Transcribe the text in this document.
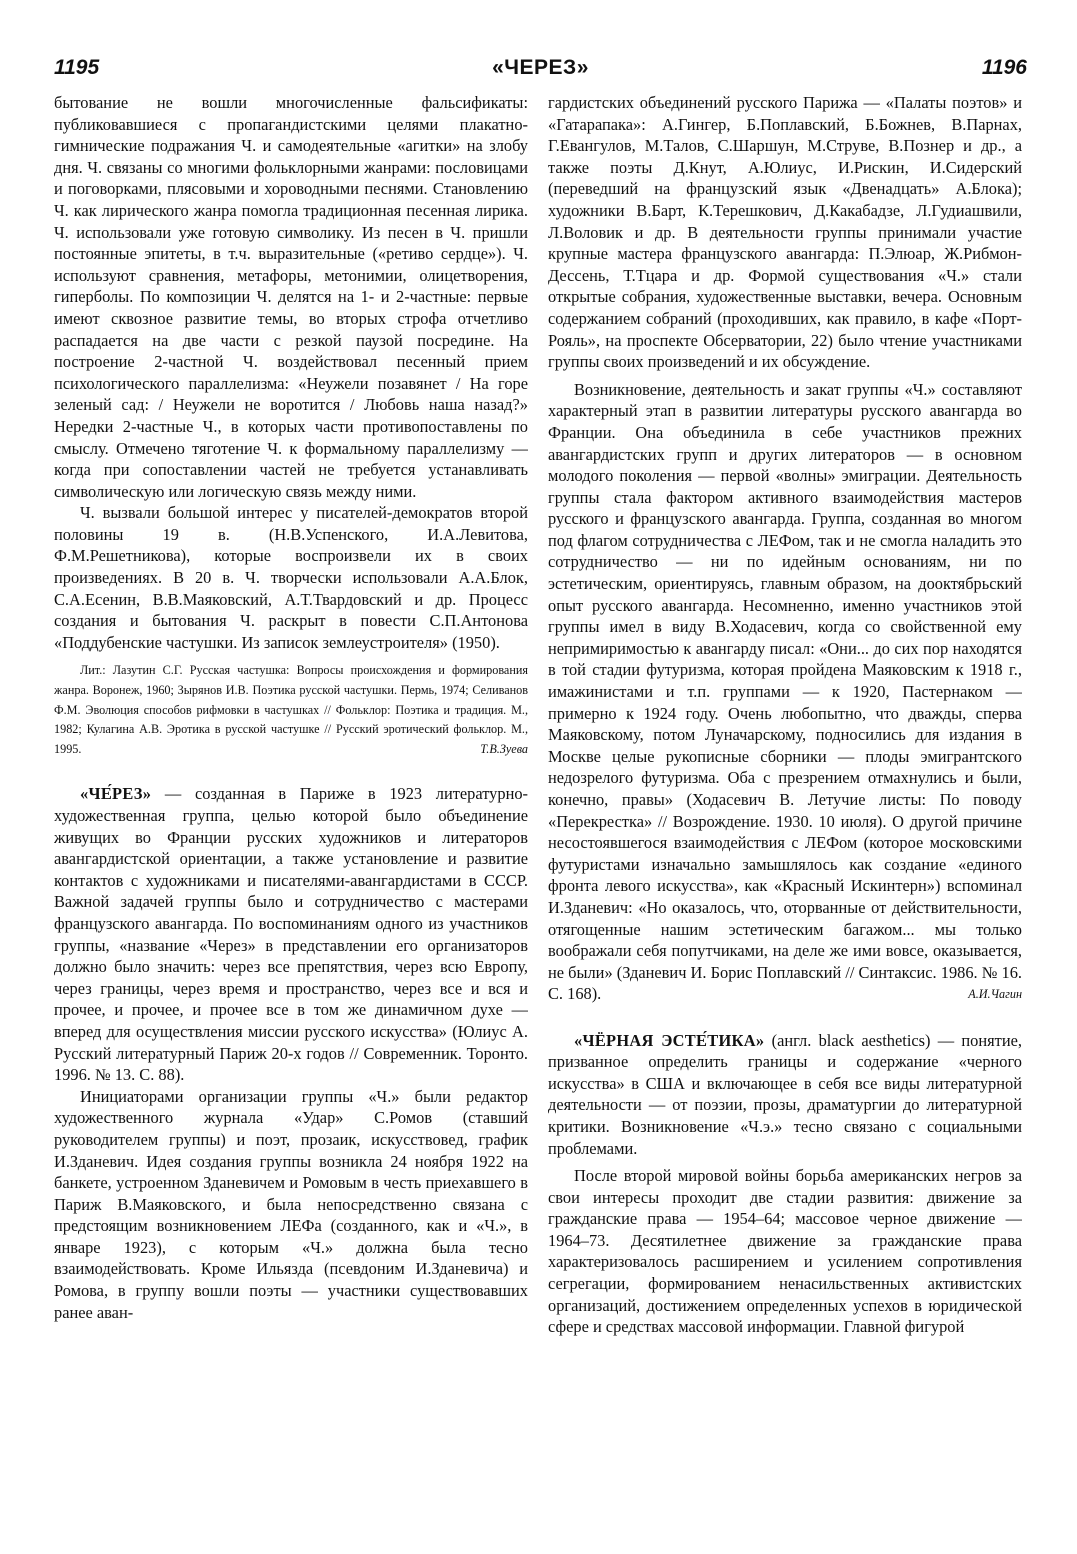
1195	«ЧЕРЕЗ»	1196

бытование не вошли многочисленные фальсификаты: публиковавшиеся с пропагандистскими целями плакатно-гимнические подражания Ч. и самодеятельные «агитки» на злобу дня. Ч. связаны со многими фольклорными жанрами: пословицами и поговорками, плясовыми и хороводными песнями. Становлению Ч. как лирического жанра помогла традиционная песенная лирика. Ч. использовали уже готовую символику. Из песен в Ч. пришли постоянные эпитеты, в т.ч. выразительные («ретиво сердце»). Ч. используют сравнения, метафоры, метонимии, олицетворения, гиперболы. По композиции Ч. делятся на 1- и 2-частные: первые имеют сквозное развитие темы, во вторых строфа отчетливо распадается на две части с резкой паузой посредине. На построение 2-частной Ч. воздействовал песенный прием психологического параллелизма: «Неужели позавянет / На горе зеленый сад: / Неужели не воротится / Любовь наша назад?» Нередки 2-частные Ч., в которых части противопоставлены по смыслу. Отмечено тяготение Ч. к формальному параллелизму — когда при сопоставлении частей не требуется устанавливать символическую или логическую связь между ними.

Ч. вызвали большой интерес у писателей-демократов второй половины 19 в. (Н.В.Успенского, И.А.Левитова, Ф.М.Решетникова), которые воспроизвели их в своих произведениях. В 20 в. Ч. творчески использовали А.А.Блок, С.А.Есенин, В.В.Маяковский, А.Т.Твардовский и др. Процесс создания и бытования Ч. раскрыт в повести С.П.Антонова «Поддубенские частушки. Из записок землеустроителя» (1950).

Лит.: Лазутин С.Г. Русская частушка: Вопросы происхождения и формирования жанра. Воронеж, 1960; Зырянов И.В. Поэтика русской частушки. Пермь, 1974; Селиванов Ф.М. Эволюция способов рифмовки в частушках // Фольклор: Поэтика и традиция. М., 1982; Кулагина А.В. Эротика в русской частушке // Русский эротический фольклор. М., 1995.	Т.В.Зуева

«ЧЕ́РЕЗ» — созданная в Париже в 1923 литературно-художественная группа, целью которой было объединение живущих во Франции русских художников и литераторов авангардистской ориентации, а также установление и развитие контактов с художниками и писателями-авангардистами в СССР. Важной задачей группы было и сотрудничество с мастерами французского авангарда. По воспоминаниям одного из участников группы, «название «Через» в представлении его организаторов должно было значить: через все препятствия, через всю Европу, через границы, через время и пространство, через все и вся и прочее, и прочее, и прочее все в том же динамичном духе — вперед для осуществления миссии русского искусства» (Юлиус А. Русский литературный Париж 20-х годов // Современник. Торонто. 1996. № 13. С. 88).

Инициаторами организации группы «Ч.» были редактор художественного журнала «Удар» С.Ромов (ставший руководителем группы) и поэт, прозаик, искусствовед, график И.Зданевич. Идея создания группы возникла 24 ноября 1922 на банкете, устроенном Зданевичем и Ромовым в честь приехавшего в Париж В.Маяковского, и была непосредственно связана с предстоящим возникновением ЛЕФа (созданного, как и «Ч.», в январе 1923), с которым «Ч.» должна была тесно взаимодействовать. Кроме Ильязда (псевдоним И.Зданевича) и Ромова, в группу вошли поэты — участники существовавших ранее аван-

гардистских объединений русского Парижа — «Палаты поэтов» и «Гатарапака»: А.Гингер, Б.Поплавский, Б.Божнев, В.Парнах, Г.Евангулов, М.Талов, С.Шаршун, М.Струве, В.Познер и др., а также поэты Д.Кнут, А.Юлиус, И.Рискин, И.Сидерский (переведший на французский язык «Двенадцать» А.Блока); художники В.Барт, К.Терешкович, Д.Какабадзе, Л.Гудиашвили, Л.Воловик и др. В деятельности группы принимали участие крупные мастера французского авангарда: П.Элюар, Ж.Рибмон-Дессень, Т.Тцара и др. Формой существования «Ч.» стали открытые собрания, художественные выставки, вечера. Основным содержанием собраний (проходивших, как правило, в кафе «Порт-Рояль», на проспекте Обсерватории, 22) было чтение участниками группы своих произведений и их обсуждение.

Возникновение, деятельность и закат группы «Ч.» составляют характерный этап в развитии литературы русского авангарда во Франции. Она объединила в себе участников прежних авангардистских групп и других литераторов — в основном молодого поколения — первой «волны» эмиграции. Деятельность группы стала фактором активного взаимодействия мастеров русского и французского авангарда. Группа, созданная во многом под флагом сотрудничества с ЛЕФом, так и не смогла наладить это сотрудничество — ни по идейным основаниям, ни по эстетическим, ориентируясь, главным образом, на дооктябрьский опыт русского авангарда. Несомненно, именно участников этой группы имел в виду В.Ходасевич, когда со свойственной ему непримиримостью к авангарду писал: «Они... до сих пор находятся в той стадии футуризма, которая пройдена Маяковским к 1918 г., имажинистами и т.п. группами — к 1920, Пастернаком — примерно к 1924 году. Очень любопытно, что дважды, сперва Маяковскому, потом Луначарскому, подносились для издания в Москве целые рукописные сборники — плоды эмигрантского недозрелого футуризма. Оба с презрением отмахнулись и были, конечно, правы» (Ходасевич В. Летучие листы: По поводу «Перекрестка» // Возрождение. 1930. 10 июля). О другой причине несостоявшегося взаимодействия с ЛЕФом (которое московскими футуристами изначально замышлялось как создание «единого фронта левого искусства», как «Красный Искинтерн») вспоминал И.Зданевич: «Но оказалось, что, оторванные от действительности, отягощенные нашим эстетическим багажом... мы только воображали себя попутчиками, на деле же ими вовсе, оказывается, не были» (Зданевич И. Борис Поплавский // Синтаксис. 1986. № 16. С. 168).	А.И.Чагин

«ЧЁРНАЯ ЭСТЕ́ТИКА» (англ. black aesthetics) — понятие, призванное определить границы и содержание «черного искусства» в США и включающее в себя все виды литературной деятельности — от поэзии, прозы, драматургии до литературной критики. Возникновение «Ч.э.» тесно связано с социальными проблемами.

После второй мировой войны борьба американских негров за свои интересы проходит две стадии развития: движение за гражданские права — 1954–64; массовое черное движение — 1964–73. Десятилетнее движение за гражданские права характеризовалось расширением и усилением сопротивления сегрегации, формированием ненасильственных активистских организаций, достижением определенных успехов в юридической сфере и средствах массовой информации. Главной фигурой
